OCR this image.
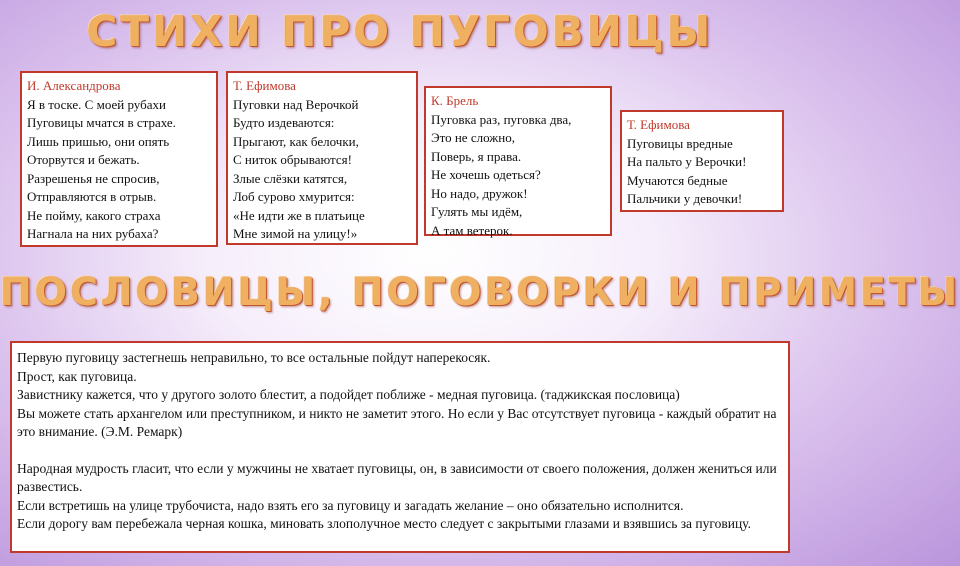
СТИХИ ПРО ПУГОВИЦЫ
И. Александрова
Я в тоске. С моей рубахи
Пуговицы мчатся в страхе.
Лишь пришью, они опять
Оторвутся и бежать.
Разрешенья не спросив,
Отправляются в отрыв.
Не пойму, какого страха
Нагнала на них рубаха?
Т. Ефимова
Пуговки над Верочкой
Будто издеваются:
Прыгают, как белочки,
С ниток обрываются!
Злые слёзки катятся,
Лоб сурово хмурится:
«Не идти же в платьице
Мне зимой на улицу!»
К. Брель
Пуговка раз, пуговка два,
Это не сложно,
Поверь, я права.
Не хочешь одеться?
Но надо, дружок!
Гулять мы идём,
А там ветерок.
Т. Ефимова
Пуговицы вредные
На пальто у Верочки!
Мучаются бедные
Пальчики у девочки!
ПОСЛОВИЦЫ, ПОГОВОРКИ И ПРИМЕТЫ
Первую пуговицу застегнешь неправильно, то все остальные пойдут наперекосяк.
Прост, как пуговица.
Завистнику кажется, что у другого золото блестит, а подойдет поближе - медная пуговица. (таджикская пословица)
Вы можете стать архангелом или преступником, и никто не заметит этого. Но если у Вас отсутствует пуговица - каждый обратит на это внимание. (Э.М. Ремарк)
Народная мудрость гласит, что если у мужчины не хватает пуговицы, он, в зависимости от своего положения, должен жениться или развестись.
Если встретишь на улице трубочиста, надо взять его за пуговицу и загадать желание – оно обязательно исполнится.
Если дорогу вам перебежала черная кошка, миновать злополучное место следует с закрытыми глазами и взявшись за пуговицу.
